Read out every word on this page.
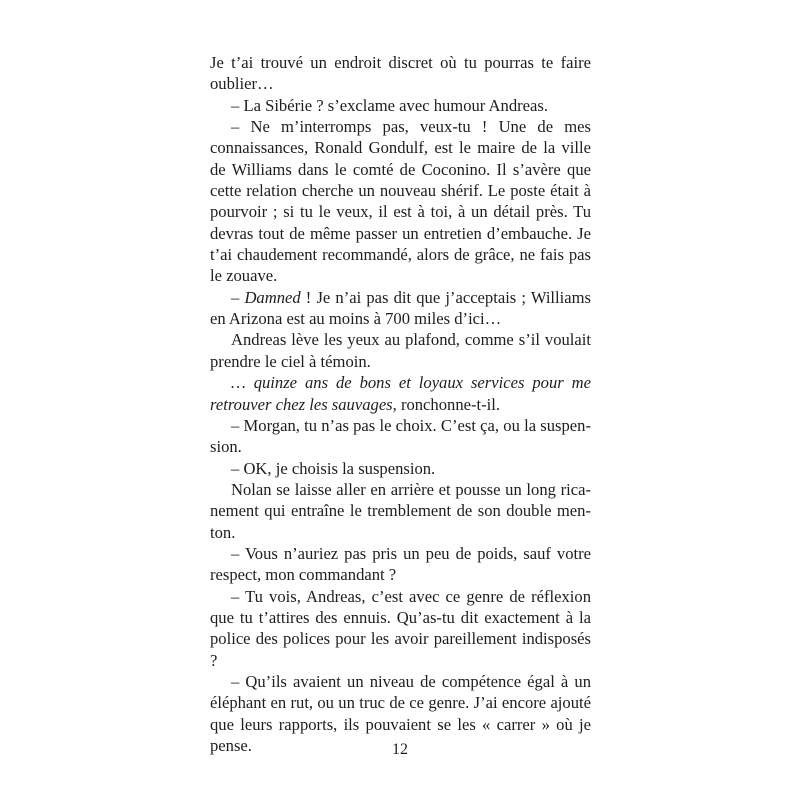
Je t’ai trouvé un endroit discret où tu pourras te faire oublier…

– La Sibérie ? s’exclame avec humour Andreas.

– Ne m’interromps pas, veux-tu ! Une de mes connaissances, Ronald Gondulf, est le maire de la ville de Williams dans le comté de Coconino. Il s’avère que cette relation cherche un nouveau shérif. Le poste était à pourvoir ; si tu le veux, il est à toi, à un détail près. Tu devras tout de même passer un entretien d’embauche. Je t’ai chaudement recommandé, alors de grâce, ne fais pas le zouave.

– Damned ! Je n’ai pas dit que j’acceptais ; Williams en Arizona est au moins à 700 miles d’ici…

Andreas lève les yeux au plafond, comme s’il voulait prendre le ciel à témoin.

… quinze ans de bons et loyaux services pour me retrouver chez les sauvages, ronchonne-t-il.

– Morgan, tu n’as pas le choix. C’est ça, ou la suspension.

– OK, je choisis la suspension.

Nolan se laisse aller en arrière et pousse un long ricanement qui entraîne le tremblement de son double menton.

– Vous n’auriez pas pris un peu de poids, sauf votre respect, mon commandant ?

– Tu vois, Andreas, c’est avec ce genre de réflexion que tu t’attires des ennuis. Qu’as-tu dit exactement à la police des polices pour les avoir pareillement indisposés ?

– Qu’ils avaient un niveau de compétence égal à un éléphant en rut, ou un truc de ce genre. J’ai encore ajouté que leurs rapports, ils pouvaient se les « carrer » où je pense.	12
